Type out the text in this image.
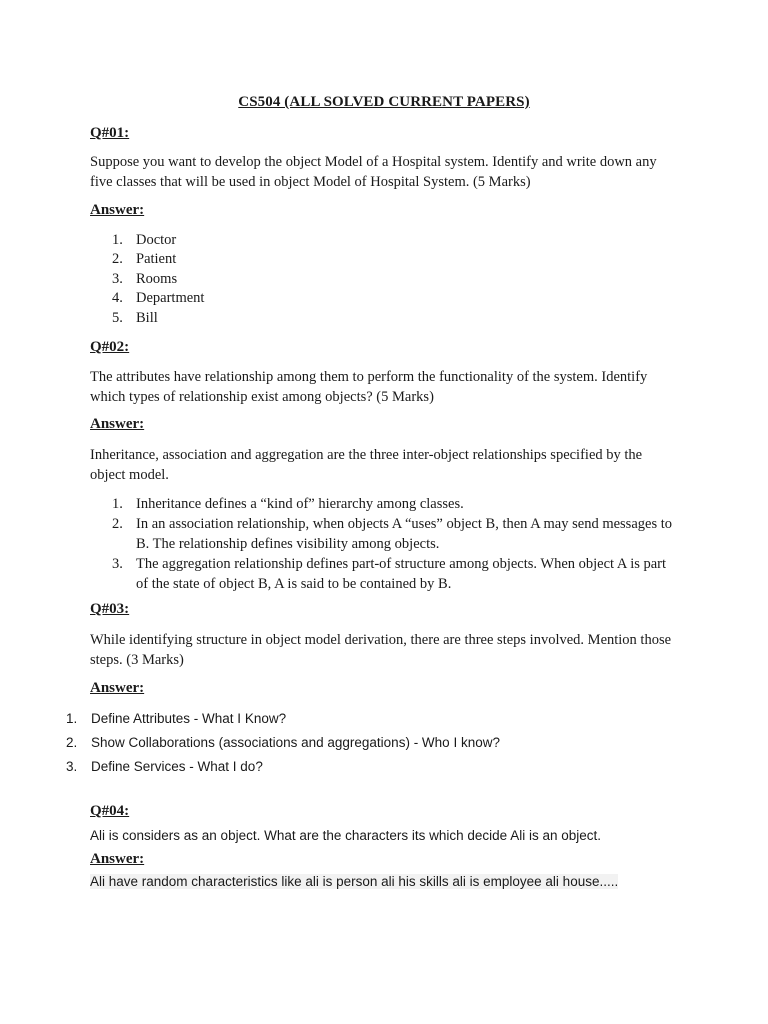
CS504 (ALL SOLVED CURRENT PAPERS)
Q#01:
Suppose you want to develop the object Model of a Hospital system. Identify and write down any five classes that will be used in object Model of Hospital System. (5 Marks)
Answer:
1. Doctor
2. Patient
3. Rooms
4. Department
5. Bill
Q#02:
The attributes have relationship among them to perform the functionality of the system. Identify which types of relationship exist among objects? (5 Marks)
Answer:
Inheritance, association and aggregation are the three inter-object relationships specified by the object model.
1. Inheritance defines a “kind of” hierarchy among classes.
2. In an association relationship, when objects A “uses” object B, then A may send messages to B. The relationship defines visibility among objects.
3. The aggregation relationship defines part-of structure among objects. When object A is part of the state of object B, A is said to be contained by B.
Q#03:
While identifying structure in object model derivation, there are three steps involved. Mention those steps. (3 Marks)
Answer:
1. Define Attributes - What I Know?
2. Show Collaborations (associations and aggregations) - Who I know?
3. Define Services - What I do?
Q#04:
Ali is considers as an object. What are the characters its which decide Ali is an object.
Answer:
Ali have random characteristics like ali is person ali his skills ali is employee ali house.....
